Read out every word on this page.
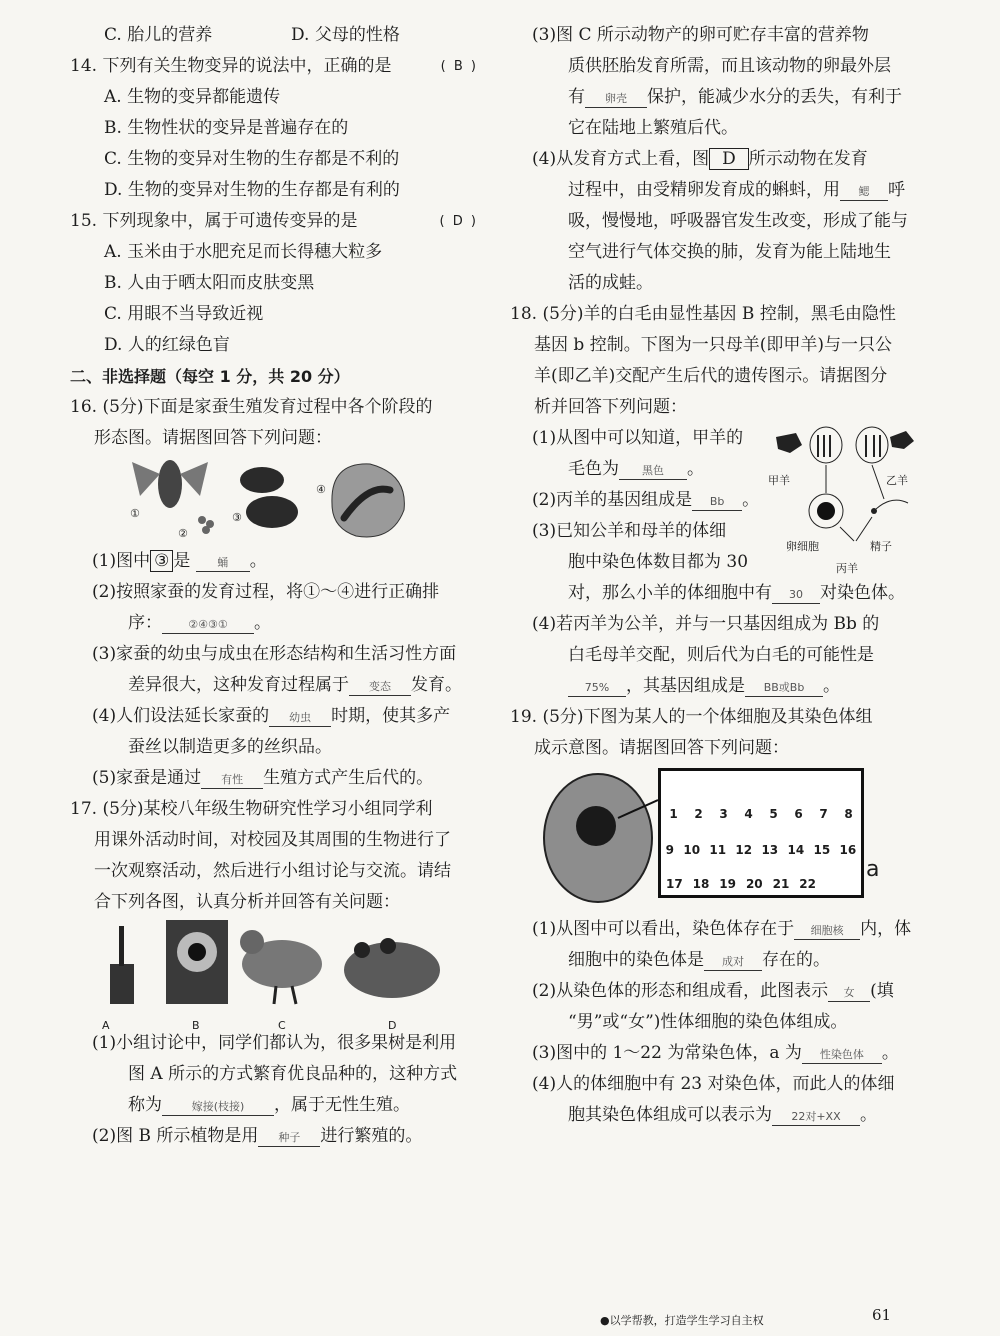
C. 胎儿的营养	D. 父母的性格
14. 下列有关生物变异的说法中，正确的是	( B )
A. 生物的变异都能遗传
B. 生物性状的变异是普遍存在的
C. 生物的变异对生物的生存都是不利的
D. 生物的变异对生物的生存都是有利的
15. 下列现象中，属于可遗传变异的是	( D )
A. 玉米由于水肥充足而长得穗大粒多
B. 人由于晒太阳而皮肤变黑
C. 用眼不当导致近视
D. 人的红绿色盲
二、非选择题（每空 1 分，共 20 分）
16. (5分)下面是家蚕生殖发育过程中各个阶段的
形态图。请据图回答下列问题：
①
②
③
④
(1)图中 ③ 是 蛹 。
(2)按照家蚕的发育过程，将①～④进行正确排
序： ②④③① 。
(3)家蚕的幼虫与成虫在形态结构和生活习性方面
差异很大，这种发育过程属于 变态 发育。
(4)人们设法延长家蚕的 幼虫 时期，使其多产
蚕丝以制造更多的丝织品。
(5)家蚕是通过 有性 生殖方式产生后代的。
17. (5分)某校八年级生物研究性学习小组同学利
用课外活动时间，对校园及其周围的生物进行了
一次观察活动，然后进行小组讨论与交流。请结
合下列各图，认真分析并回答有关问题：
A	B	C	D
(1)小组讨论中，同学们都认为，很多果树是利用
图 A 所示的方式繁育优良品种的，这种方式
称为	嫁接(枝接) ，属于无性生殖。
(2)图 B 所示植物是用 种子 进行繁殖的。
(3)图 C 所示动物产的卵可贮存丰富的营养物
质供胚胎发育所需，而且该动物的卵最外层
有 卵壳 保护，能减少水分的丢失，有利于
它在陆地上繁殖后代。
(4)从发育方式上看，图 D 所示动物在发育
过程中，由受精卵发育成的蝌蚪，用 鳃 呼
吸，慢慢地，呼吸器官发生改变，形成了能与
空气进行气体交换的肺，发育为能上陆地生
活的成蛙。
18. (5分)羊的白毛由显性基因 B 控制，黑毛由隐性
基因 b 控制。下图为一只母羊(即甲羊)与一只公
羊(即乙羊)交配产生后代的遗传图示。请据图分
析并回答下列问题：
(1)从图中可以知道，甲羊的
毛色为 黑色 。
(2)丙羊的基因组成是 Bb 。
(3)已知公羊和母羊的体细
胞中染色体数目都为 30
甲羊	乙羊
卵细胞	精子
丙羊
对，那么小羊的体细胞中有 30 对染色体。
(4)若丙羊为公羊，并与一只基因组成为 Bb 的
白毛母羊交配，则后代为白毛的可能性是
75% ，其基因组成是 BB或Bb 。
19. (5分)下图为某人的一个体细胞及其染色体组
成示意图。请据图回答下列问题：
1 2 3 4 5 6 7 8
9 10 11 12 13 14 15 16
17 18 19 20 21 22
a
(1)从图中可以看出，染色体存在于 细胞核 内，体
细胞中的染色体是 成对 存在的。
(2)从染色体的形态和组成看，此图表示 女 (填
“男”或“女”)性体细胞的染色体组成。
(3)图中的 1～22 为常染色体，a 为 性染色体 。
(4)人的体细胞中有 23 对染色体，而此人的体细
胞其染色体组成可以表示为 22对+XX 。
●以学帮教，打造学生学习自主权	61
